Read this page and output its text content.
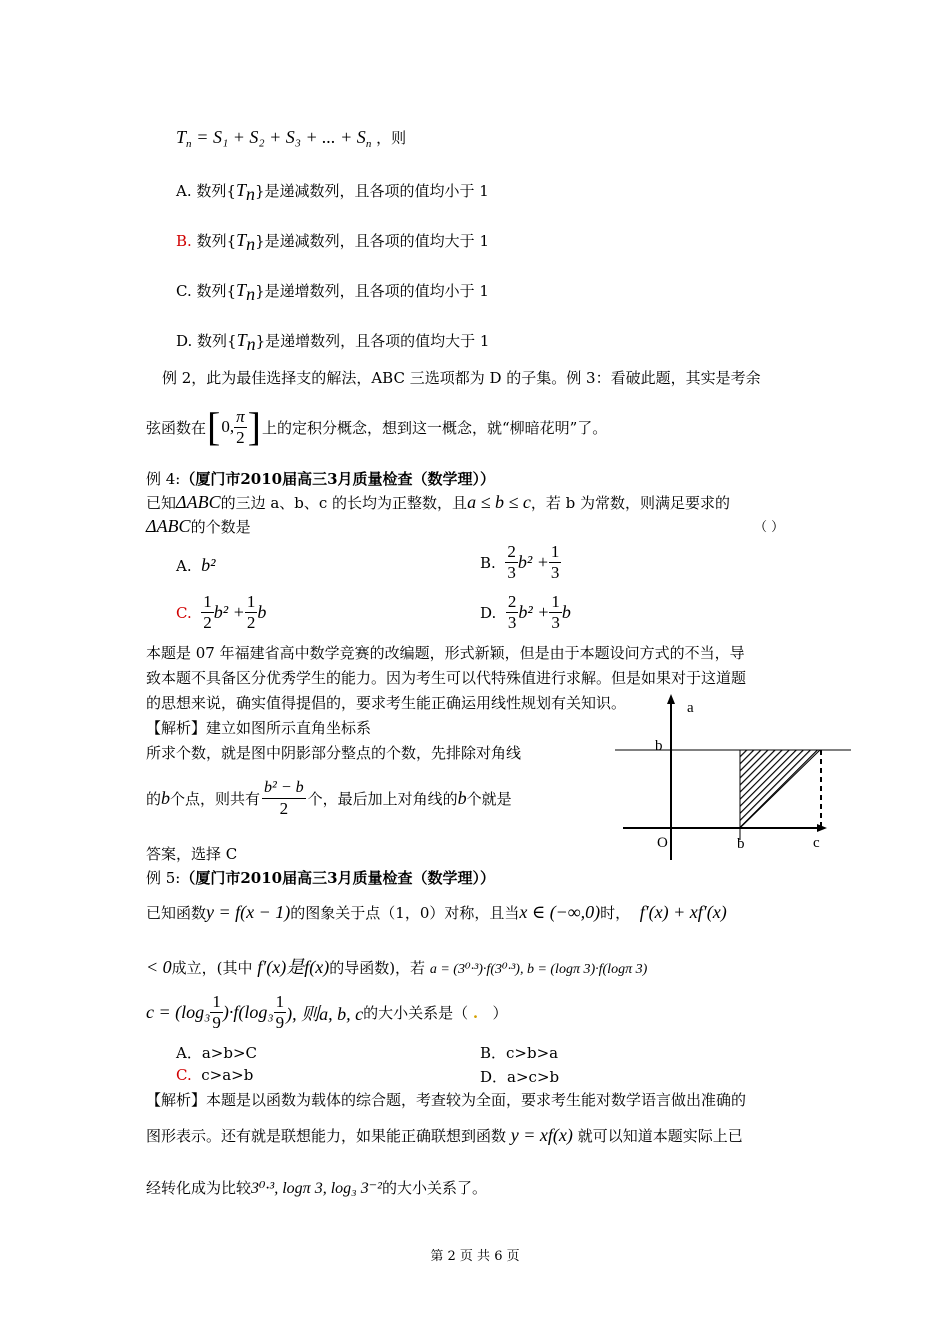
$T_n = S_1 + S_2 + S_3$ + ... + $S_n$ ，则
A. 数列$\{T_n\}$是递减数列，且各项的值均小于 1
B. 数列$\{T_n\}$是递减数列，且各项的值均大于 1
C. 数列$\{T_n\}$是递增数列，且各项的值均小于 1
D. 数列$\{T_n\}$是递增数列，且各项的值均大于 1
例 2，此为最佳选择支的解法，ABC 三选项都为 D 的子集。例 3：看破此题，其实是考余
弦函数在 [ 0, $\frac{\pi}{2}$ ] 上的定积分概念，想到这一概念，就“柳暗花明”了。
例 4:（厦门市2010届高三3月质量检查（数学理））
已知ΔABC的三边 a、b、c 的长均为正整数，且a ≤ b ≤ c，若 b 为常数，则满足要求的
ΔABC的个数是	（ ）
A. b²	B.
$\frac{2}{3} b^2 + \frac{1}{3}$
C.
$\frac{1}{2} b^2 + \frac{1}{2}$ b	D.
$\frac{2}{3} b^2 + \frac{1}{3}$ b
本题是 07 年福建省高中数学竞赛的改编题，形式新颖，但是由于本题设问方式的不当，导
致本题不具备区分优秀学生的能力。因为考生可以代特殊值进行求解。但是如果对于这道题
的思想来说，确实值得提倡的，要求考生能正确运用线性规划有关知识。
【解析】建立如图所示直角坐标系
所求个数，就是图中阴影部分整点的个数，先排除对角线
的 b 个点，则共有 $\frac{\text{b² − b}}{2}$ 个，最后加上对角线的 b 个就是
答案，选择 C
a
b
O	b	c
例 5:（厦门市2010届高三3月质量检查（数学理））
已知函数y = f(x − 1)的图象关于点（1，0）对称，且当x ∈ (−∞,0)时， f′(x) + xf′(x)
< 0成立，(其中 f′(x)是f(x)的导函数)，若 a = (3⁰·³)·f(3⁰·³), b = (logπ 3)·f(logπ 3)
$c = (\log_3 \frac{1}{9} )\cdot f(\log_3 \frac{1}{9}$ ), 则a, b, c 的大小关系是（
.
）
A．a>b>C	B．c>b>a
C. c>a>b	D．a>c>b
【解析】本题是以函数为载体的综合题，考查较为全面，要求考生能对数学语言做出准确的
图形表示。还有就是联想能力，如果能正确联想到函数 y = xf(x) 就可以知道本题实际上已
经转化成为比较3⁰·³, logπ 3, log₃ 3⁻²的大小关系了。
第 2 页 共 6 页
